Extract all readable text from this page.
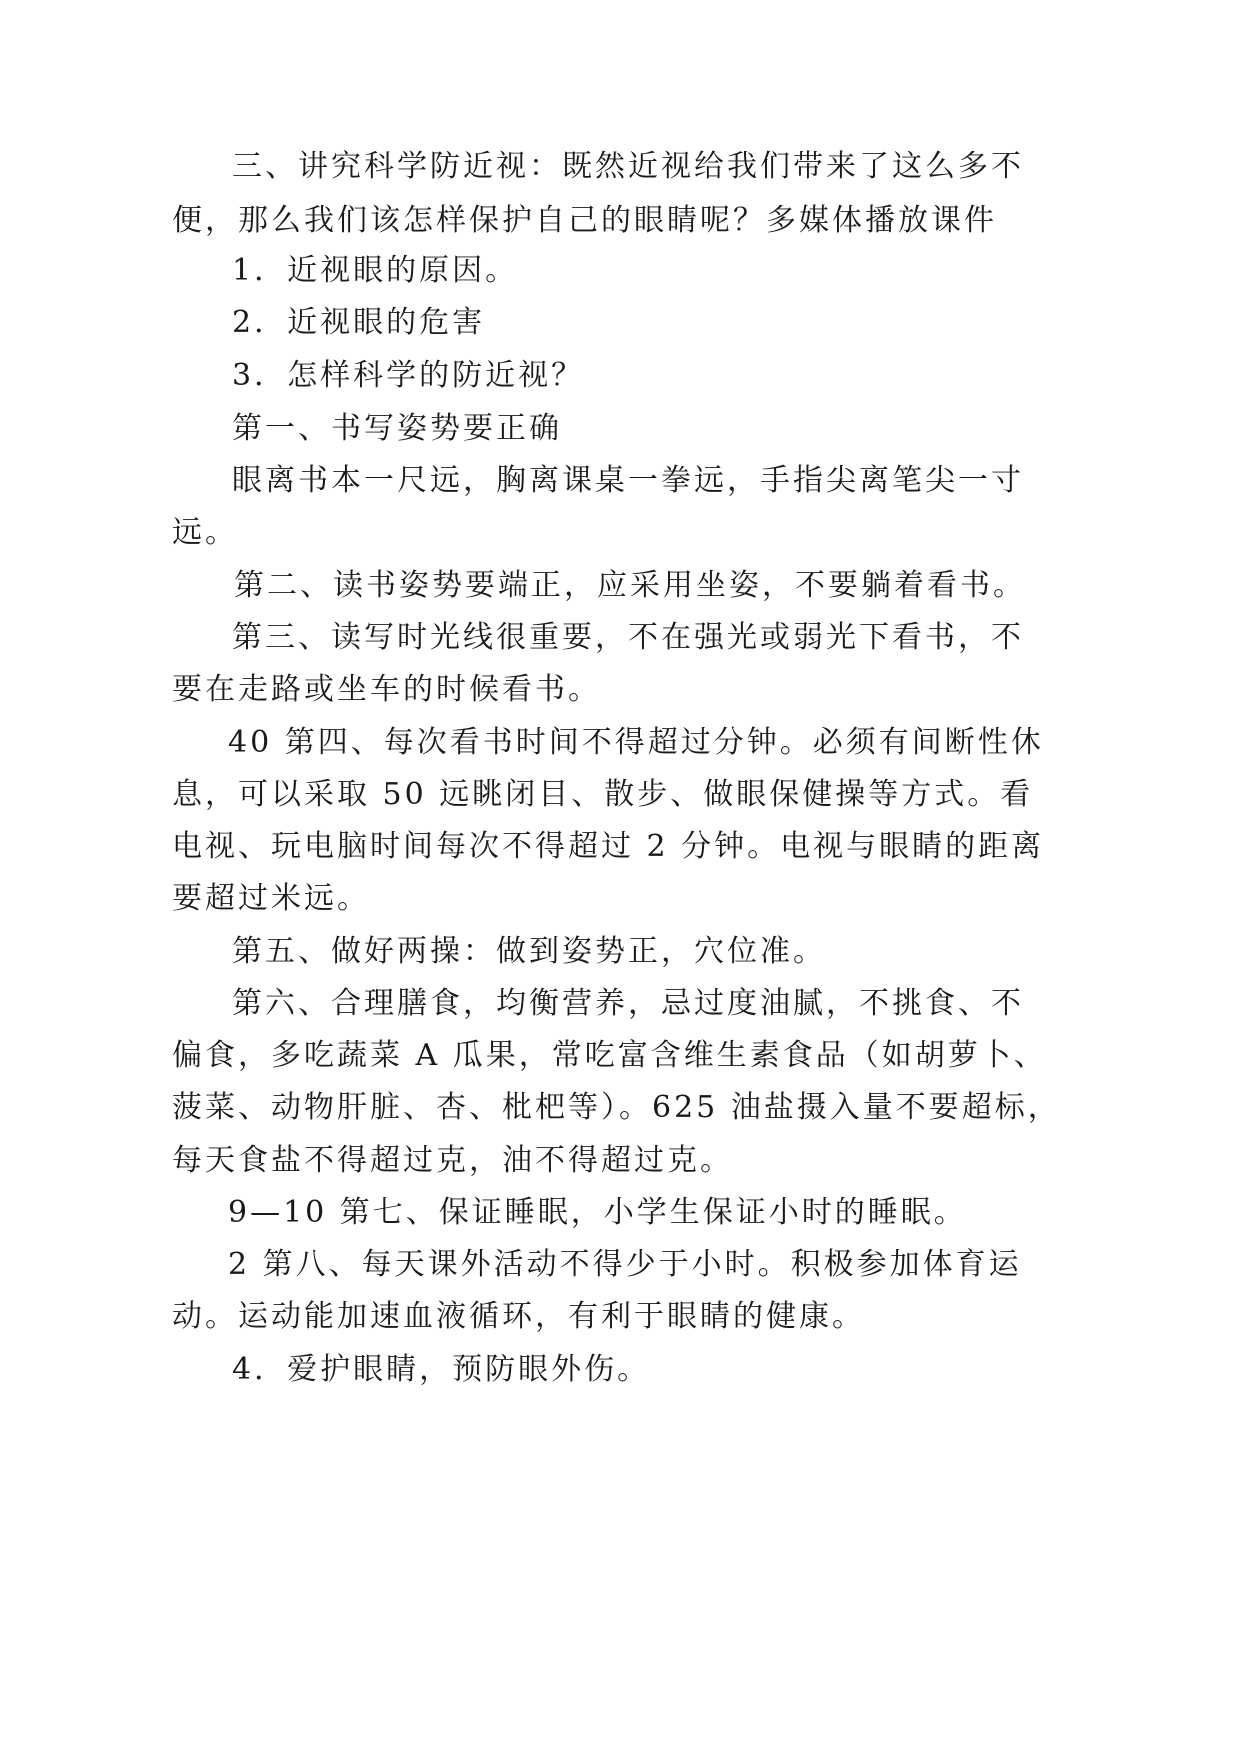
三、讲究科学防近视：既然近视给我们带来了这么多不
便，那么我们该怎样保护自己的眼睛呢？多媒体播放课件
1．近视眼的原因。
2．近视眼的危害
3．怎样科学的防近视？
第一、书写姿势要正确
眼离书本一尺远，胸离课桌一拳远，手指尖离笔尖一寸
远。
第二、读书姿势要端正，应采用坐姿，不要躺着看书。
第三、读写时光线很重要，不在强光或弱光下看书，不
要在走路或坐车的时候看书。
40 第四、每次看书时间不得超过分钟。必须有间断性休
息，可以采取 50 远眺闭目、散步、做眼保健操等方式。看
电视、玩电脑时间每次不得超过 2 分钟。电视与眼睛的距离
要超过米远。
第五、做好两操：做到姿势正，穴位准。
第六、合理膳食，均衡营养，忌过度油腻，不挑食、不
偏食，多吃蔬菜 A 瓜果，常吃富含维生素食品（如胡萝卜、
菠菜、动物肝脏、杏、枇杷等）。625 油盐摄入量不要超标，
每天食盐不得超过克，油不得超过克。
9—10 第七、保证睡眠，小学生保证小时的睡眠。
2 第八、每天课外活动不得少于小时。积极参加体育运
动。运动能加速血液循环，有利于眼睛的健康。
4．爱护眼睛，预防眼外伤。
